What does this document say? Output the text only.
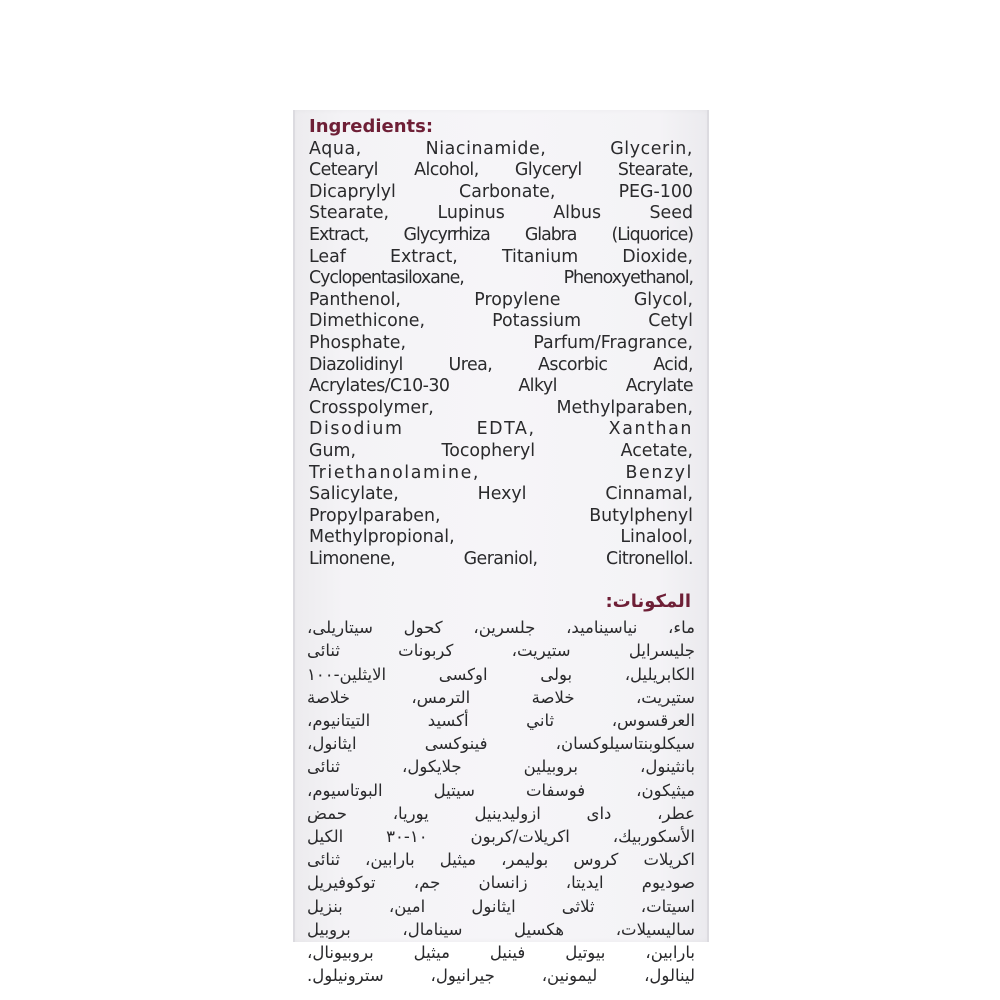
Ingredients:
Aqua, Niacinamide, Glycerin,
Cetearyl Alcohol, Glyceryl Stearate,
Dicaprylyl Carbonate, PEG-100
Stearate, Lupinus Albus Seed
Extract, Glycyrrhiza Glabra (Liquorice)
Leaf Extract, Titanium Dioxide,
Cyclopentasiloxane, Phenoxyethanol,
Panthenol, Propylene Glycol,
Dimethicone, Potassium Cetyl
Phosphate, Parfum/Fragrance,
Diazolidinyl Urea, Ascorbic Acid,
Acrylates/C10-30 Alkyl Acrylate
Crosspolymer, Methylparaben,
Disodium EDTA, Xanthan
Gum, Tocopheryl Acetate,
Triethanolamine, Benzyl
Salicylate, Hexyl Cinnamal,
Propylparaben, Butylphenyl
Methylpropional, Linalool,
Limonene, Geraniol, Citronellol.
المكونات:
ماء، نياسيناميد، جلسرين، كحول سيتاريلى،
جليسرايل ستيريت، كربونات ثنائى
الكابريليل، بولى اوكسى الايثلين-١٠٠
ستيريت، خلاصة الترمس، خلاصة
العرقسوس، ثاني أكسيد التيتانيوم،
سيكلوبنتاسيلوكسان، فينوكسى ايثانول،
بانثينول، بروبيلين جلايكول، ثنائى
ميثيكون، فوسفات سيتيل البوتاسيوم،
عطر، داى ازوليدينيل يوريا، حمض
الأسكوربيك، اكريلات/كربون ١٠-٣٠ الكيل
اكريلات كروس بوليمر، ميثيل بارابين، ثنائى
صوديوم ايديتا، زانسان جم، توكوفيريل
اسيتات، ثلاثى ايثانول امين، بنزيل
ساليسيلات، هكسيل سينامال، بروبيل
بارابين، بيوتيل فينيل ميثيل بروبيونال،
لينالول، ليمونين، جيرانيول، سترونيلول.
